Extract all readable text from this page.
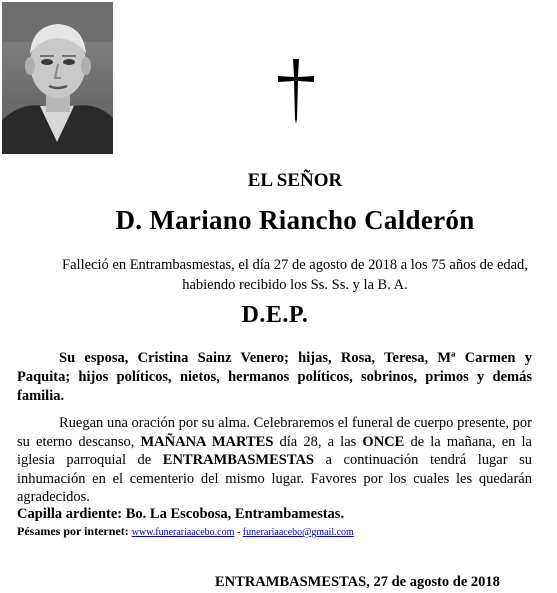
EL SEÑOR
D. Mariano Riancho Calderón
Falleció en Entrambasmestas, el día 27 de agosto de 2018 a los 75 años de edad,
habiendo recibido los Ss. Ss. y la B. A.
D.E.P.
Su esposa, Cristina Sainz Venero; hijas, Rosa, Teresa, Mª Carmen y Paquita; hijos políticos, nietos, hermanos políticos, sobrinos, primos y demás familia.
Ruegan una oración por su alma. Celebraremos el funeral de cuerpo presente, por su eterno descanso, MAÑANA MARTES día 28, a las ONCE de la mañana, en la iglesia parroquial de ENTRAMBASMESTAS a continuación tendrá lugar su inhumación en el cementerio del mismo lugar. Favores por los cuales les quedarán agradecidos.
Capilla ardiente: Bo. La Escobosa, Entrambamestas.
Pésames por internet: www.funerariaacebo.com - funerariaacebo@gmail.com
ENTRAMBASMESTAS, 27 de agosto de 2018
